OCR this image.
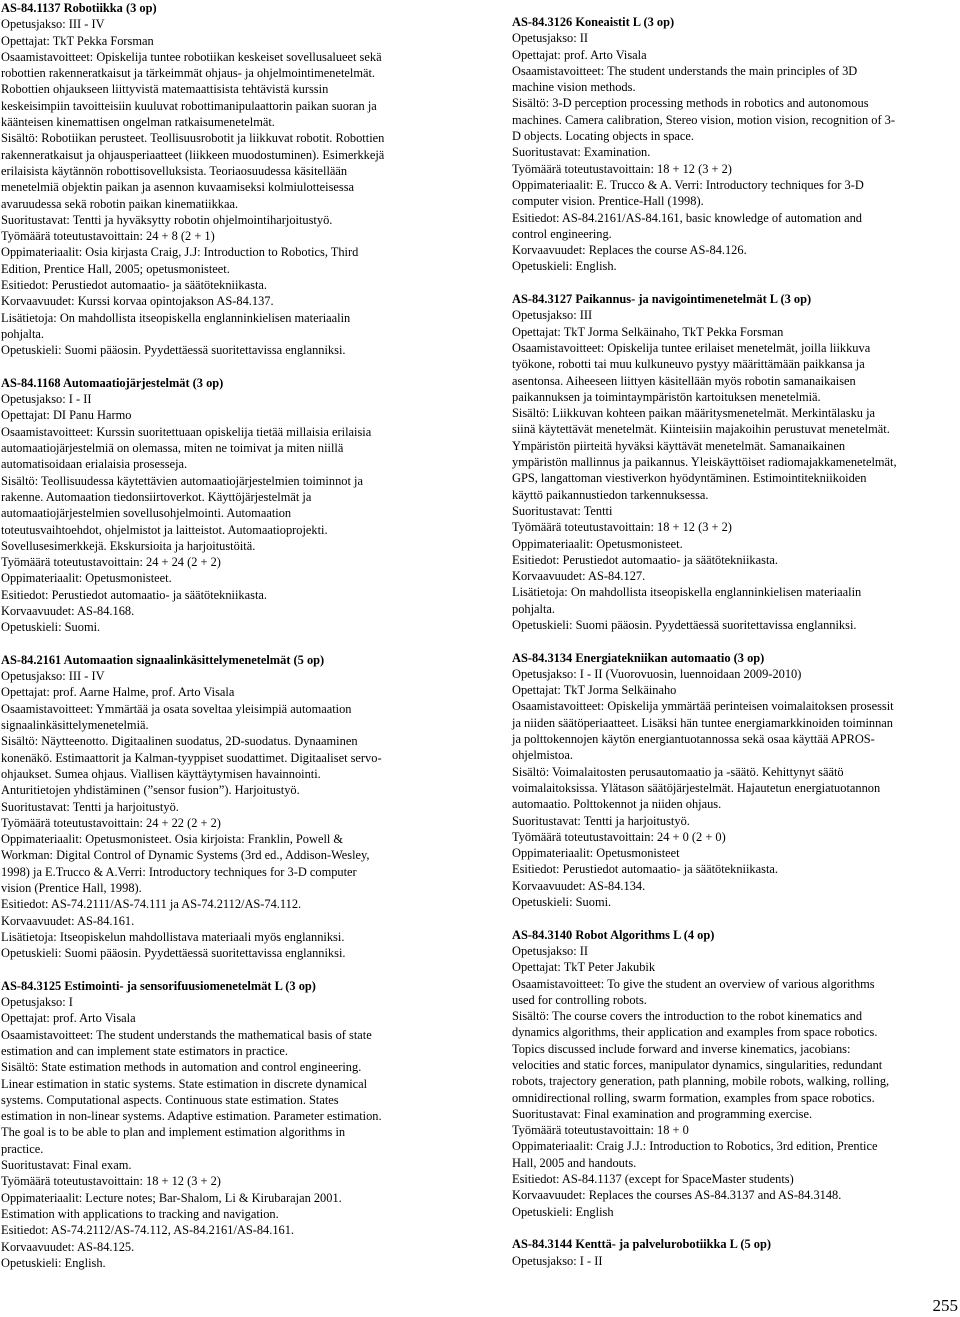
AS-84.1137 Robotiikka (3 op)
Opetusjakso: III - IV
Opettajat: TkT Pekka Forsman
Osaamistavoitteet: Opiskelija tuntee robotiikan keskeiset sovellusalueet sekä
robottien rakenneratkaisut ja tärkeimmät ohjaus- ja ohjelmointimenetelmät.
Robottien ohjaukseen liittyvistä matemaattisista tehtävistä kurssin
keskeisimpiin tavoitteisiin kuuluvat robottimanipulaattorin paikan suoran ja
käänteisen kinemattisen ongelman ratkaisumenetelmät.
Sisältö: Robotiikan perusteet. Teollisuusrobotit ja liikkuvat robotit. Robottien
rakenneratkaisut ja ohjausperiaatteet (liikkeen muodostuminen). Esimerkkejä
erilaisista käytännön robottisovelluksista. Teoriaosuudessa käsitellään
menetelmiä objektin paikan ja asennon kuvaamiseksi kolmiulotteisessa
avaruudessa sekä robotin paikan kinematiikkaa.
Suoritustavat: Tentti ja hyväksytty robotin ohjelmointiharjoitustyö.
Työmäärä toteutustavoittain: 24 + 8 (2 + 1)
Oppimateriaalit: Osia kirjasta Craig, J.J: Introduction to Robotics, Third
Edition, Prentice Hall, 2005; opetusmonisteet.
Esitiedot: Perustiedot automaatio- ja säätötekniikasta.
Korvaavuudet: Kurssi korvaa opintojakson AS-84.137.
Lisätietoja: On mahdollista itseopiskella englanninkielisen materiaalin
pohjalta.
Opetuskieli: Suomi pääosin. Pyydettäessä suoritettavissa englanniksi.
AS-84.1168 Automaatiojärjestelmät (3 op)
Opetusjakso: I - II
Opettajat: DI Panu Harmo
Osaamistavoitteet: Kurssin suoritettuaan opiskelija tietää millaisia erilaisia
automaatiojärjestelmiä on olemassa, miten ne toimivat ja miten niillä
automatisoidaan erialaisia prosesseja.
Sisältö: Teollisuudessa käytettävien automaatiojärjestelmien toiminnot ja
rakenne. Automaation tiedonsiirtoverkot. Käyttöjärjestelmät ja
automaatiojärjestelmien sovellusohjelmointi. Automaation
toteutusvaihtoehdot, ohjelmistot ja laitteistot. Automaatioprojekti.
Sovellusesimerkkejä. Ekskursioita ja harjoitustöitä.
Työmäärä toteutustavoittain: 24 + 24 (2 + 2)
Oppimateriaalit: Opetusmonisteet.
Esitiedot: Perustiedot automaatio- ja säätötekniikasta.
Korvaavuudet: AS-84.168.
Opetuskieli: Suomi.
AS-84.2161 Automaation signaalinkäsittelymenetelmät (5 op)
Opetusjakso: III - IV
Opettajat: prof. Aarne Halme, prof. Arto Visala
Osaamistavoitteet: Ymmärtää ja osata soveltaa yleisimpiä automaation
signaalinkäsittelymenetelmiä.
Sisältö: Näytteenotto. Digitaalinen suodatus, 2D-suodatus. Dynaaminen
konenäkö. Estimaattorit ja Kalman-tyyppiset suodattimet. Digitaaliset servo-
ohjaukset. Sumea ohjaus. Viallisen käyttäytymisen havainnointi.
Anturitietojen yhdistäminen (”sensor fusion”). Harjoitustyö.
Suoritustavat: Tentti ja harjoitustyö.
Työmäärä toteutustavoittain: 24 + 22 (2 + 2)
Oppimateriaalit: Opetusmonisteet. Osia kirjoista: Franklin, Powell &
Workman: Digital Control of Dynamic Systems (3rd ed., Addison-Wesley,
1998) ja E.Trucco & A.Verri: Introductory techniques for 3-D computer
vision (Prentice Hall, 1998).
Esitiedot: AS-74.2111/AS-74.111 ja AS-74.2112/AS-74.112.
Korvaavuudet: AS-84.161.
Lisätietoja: Itseopiskelun mahdollistava materiaali myös englanniksi.
Opetuskieli: Suomi pääosin. Pyydettäessä suoritettavissa englanniksi.
AS-84.3125 Estimointi- ja sensorifuusiomenetelmät L (3 op)
Opetusjakso: I
Opettajat: prof. Arto Visala
Osaamistavoitteet: The student understands the mathematical basis of state
estimation and can implement state estimators in practice.
Sisältö: State estimation methods in automation and control engineering.
Linear estimation in static systems. State estimation in discrete dynamical
systems. Computational aspects. Continuous state estimation. States
estimation in non-linear systems. Adaptive estimation. Parameter estimation.
The goal is to be able to plan and implement estimation algorithms in
practice.
Suoritustavat: Final exam.
Työmäärä toteutustavoittain: 18 + 12 (3 + 2)
Oppimateriaalit: Lecture notes; Bar-Shalom, Li & Kirubarajan 2001.
Estimation with applications to tracking and navigation.
Esitiedot: AS-74.2112/AS-74.112, AS-84.2161/AS-84.161.
Korvaavuudet: AS-84.125.
Opetuskieli: English.
AS-84.3126 Koneaistit L (3 op)
Opetusjakso: II
Opettajat: prof. Arto Visala
Osaamistavoitteet: The student understands the main principles of 3D
machine vision methods.
Sisältö: 3-D perception processing methods in robotics and autonomous
machines. Camera calibration, Stereo vision, motion vision, recognition of 3-
D objects. Locating objects in space.
Suoritustavat: Examination.
Työmäärä toteutustavoittain: 18 + 12 (3 + 2)
Oppimateriaalit: E. Trucco & A. Verri: Introductory techniques for 3-D
computer vision. Prentice-Hall (1998).
Esitiedot: AS-84.2161/AS-84.161, basic knowledge of automation and
control engineering.
Korvaavuudet: Replaces the course AS-84.126.
Opetuskieli: English.
AS-84.3127 Paikannus- ja navigointimenetelmät L (3 op)
Opetusjakso: III
Opettajat: TkT Jorma Selkäinaho, TkT Pekka Forsman
Osaamistavoitteet: Opiskelija tuntee erilaiset menetelmät, joilla liikkuva
työkone, robotti tai muu kulkuneuvo pystyy määrittämään paikkansa ja
asentonsa. Aiheeseen liittyen käsitellään myös robotin samanaikaisen
paikannuksen ja toimintaympäristön kartoituksen menetelmiä.
Sisältö: Liikkuvan kohteen paikan määritysmenetelmät. Merkintälasku ja
siinä käytettävät menetelmät. Kiinteisiin majakoihin perustuvat menetelmät.
Ympäristön piirteitä hyväksi käyttävät menetelmät. Samanaikainen
ympäristön mallinnus ja paikannus. Yleiskäyttöiset radiomajakkamenetelmät,
GPS, langattoman viestiverkon hyödyntäminen. Estimointitekniikoiden
käyttö paikannustiedon tarkennuksessa.
Suoritustavat: Tentti
Työmäärä toteutustavoittain: 18 + 12 (3 + 2)
Oppimateriaalit: Opetusmonisteet.
Esitiedot: Perustiedot automaatio- ja säätötekniikasta.
Korvaavuudet: AS-84.127.
Lisätietoja: On mahdollista itseopiskella englanninkielisen materiaalin
pohjalta.
Opetuskieli: Suomi pääosin. Pyydettäessä suoritettavissa englanniksi.
AS-84.3134 Energiatekniikan automaatio (3 op)
Opetusjakso: I - II (Vuorovuosin, luennoidaan 2009-2010)
Opettajat: TkT Jorma Selkäinaho
Osaamistavoitteet: Opiskelija ymmärtää perinteisen voimalaitoksen prosessit
ja niiden säätöperiaatteet. Lisäksi hän tuntee energiamarkkinoiden toiminnan
ja polttokennojen käytön energiantuotannossa sekä osaa käyttää APROS-
ohjelmistoa.
Sisältö: Voimalaitosten perusautomaatio ja -säätö. Kehittynyt säätö
voimalaitoksissa. Ylätason säätöjärjestelmät. Hajautetun energiatuotannon
automaatio. Polttokennot ja niiden ohjaus.
Suoritustavat: Tentti ja harjoitustyö.
Työmäärä toteutustavoittain: 24 + 0 (2 + 0)
Oppimateriaalit: Opetusmonisteet
Esitiedot: Perustiedot automaatio- ja säätötekniikasta.
Korvaavuudet: AS-84.134.
Opetuskieli: Suomi.
AS-84.3140 Robot Algorithms L (4 op)
Opetusjakso: II
Opettajat: TkT Peter Jakubik
Osaamistavoitteet: To give the student an overview of various algorithms
used for controlling robots.
Sisältö: The course covers the introduction to the robot kinematics and
dynamics algorithms, their application and examples from space robotics.
Topics discussed include forward and inverse kinematics, jacobians:
velocities and static forces, manipulator dynamics, singularities, redundant
robots, trajectory generation, path planning, mobile robots, walking, rolling,
omnidirectional rolling, swarm formation, examples from space robotics.
Suoritustavat: Final examination and programming exercise.
Työmäärä toteutustavoittain: 18 + 0
Oppimateriaalit: Craig J.J.: Introduction to Robotics, 3rd edition, Prentice
Hall, 2005 and handouts.
Esitiedot: AS-84.1137 (except for SpaceMaster students)
Korvaavuudet: Replaces the courses AS-84.3137 and AS-84.3148.
Opetuskieli: English
AS-84.3144 Kenttä- ja palvelurobotiikka L (5 op)
Opetusjakso: I - II
255
